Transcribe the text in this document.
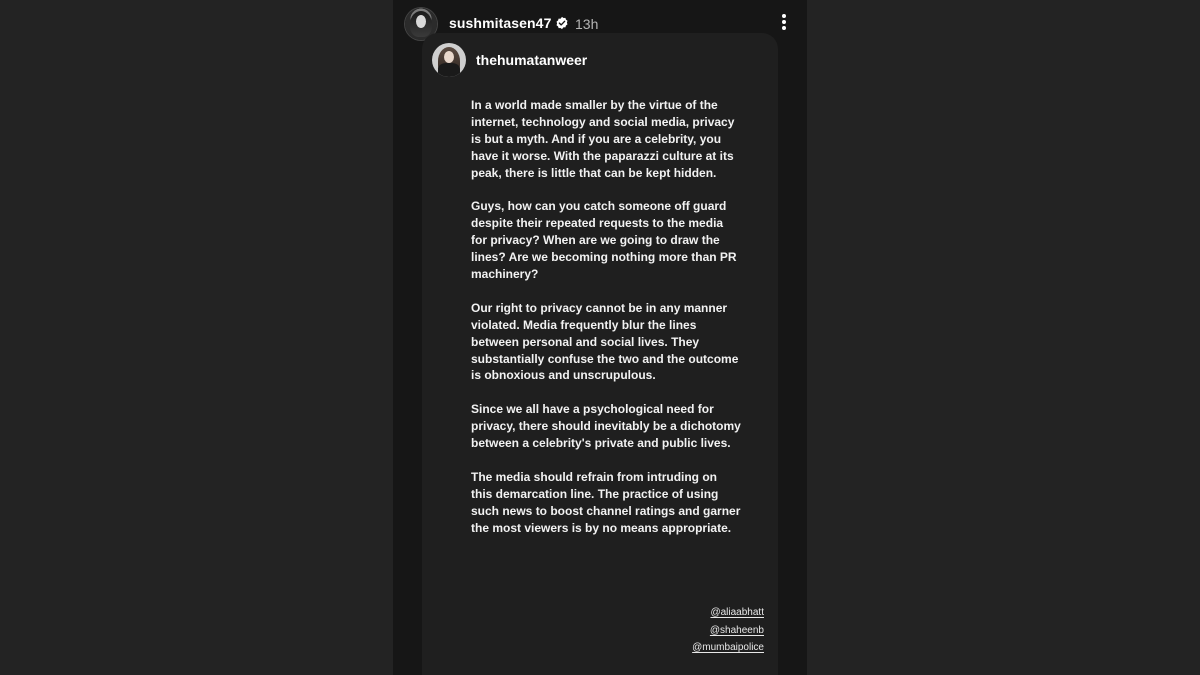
sushmitasen47 13h
thehumatanweer

In a world made smaller by the virtue of the internet, technology and social media, privacy is but a myth. And if you are a celebrity, you have it worse. With the paparazzi culture at its peak, there is little that can be kept hidden.

Guys, how can you catch someone off guard despite their repeated requests to the media for privacy? When are we going to draw the lines? Are we becoming nothing more than PR machinery?

Our right to privacy cannot be in any manner violated. Media frequently blur the lines between personal and social lives. They substantially confuse the two and the outcome is obnoxious and unscrupulous.

Since we all have a psychological need for privacy, there should inevitably be a dichotomy between a celebrity's private and public lives.

The media should refrain from intruding on this demarcation line. The practice of using such news to boost channel ratings and garner the most viewers is by no means appropriate.

@aliaabhatt
@shaheenb
@mumbaipolice
